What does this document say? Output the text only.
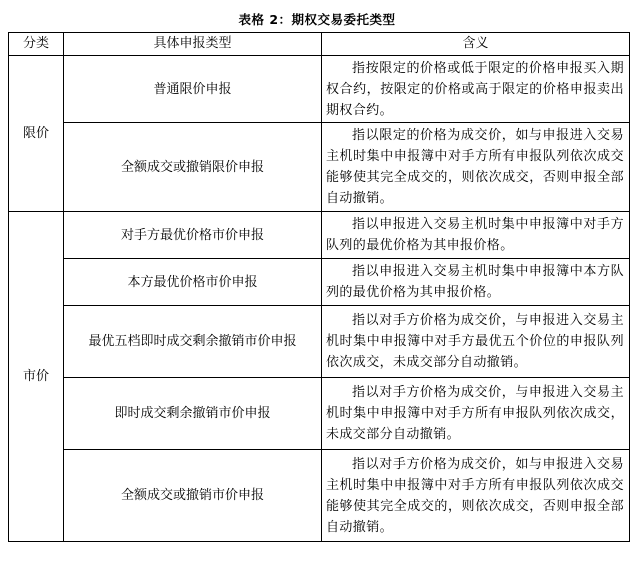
表格 2：期权交易委托类型
分类	具体申报类型	含义
限价	普通限价申报	指按限定的价格或低于限定的价格申报买入期权合约，按限定的价格或高于限定的价格申报卖出期权合约。
	全额成交或撤销限价申报	指以限定的价格为成交价，如与申报进入交易主机时集中申报簿中对手方所有申报队列依次成交能够使其完全成交的，则依次成交，否则申报全部自动撤销。
市价	对手方最优价格市价申报	指以申报进入交易主机时集中申报簿中对手方队列的最优价格为其申报价格。
	本方最优价格市价申报	指以申报进入交易主机时集中申报簿中本方队列的最优价格为其申报价格。
	最优五档即时成交剩余撤销市价申报	指以对手方价格为成交价，与申报进入交易主机时集中申报簿中对手方最优五个价位的申报队列依次成交，未成交部分自动撤销。
	即时成交剩余撤销市价申报	指以对手方价格为成交价，与申报进入交易主机时集中申报簿中对手方所有申报队列依次成交，未成交部分自动撤销。
	全额成交或撤销市价申报	指以对手方价格为成交价，如与申报进入交易主机时集中申报簿中对手方所有申报队列依次成交能够使其完全成交的，则依次成交，否则申报全部自动撤销。
